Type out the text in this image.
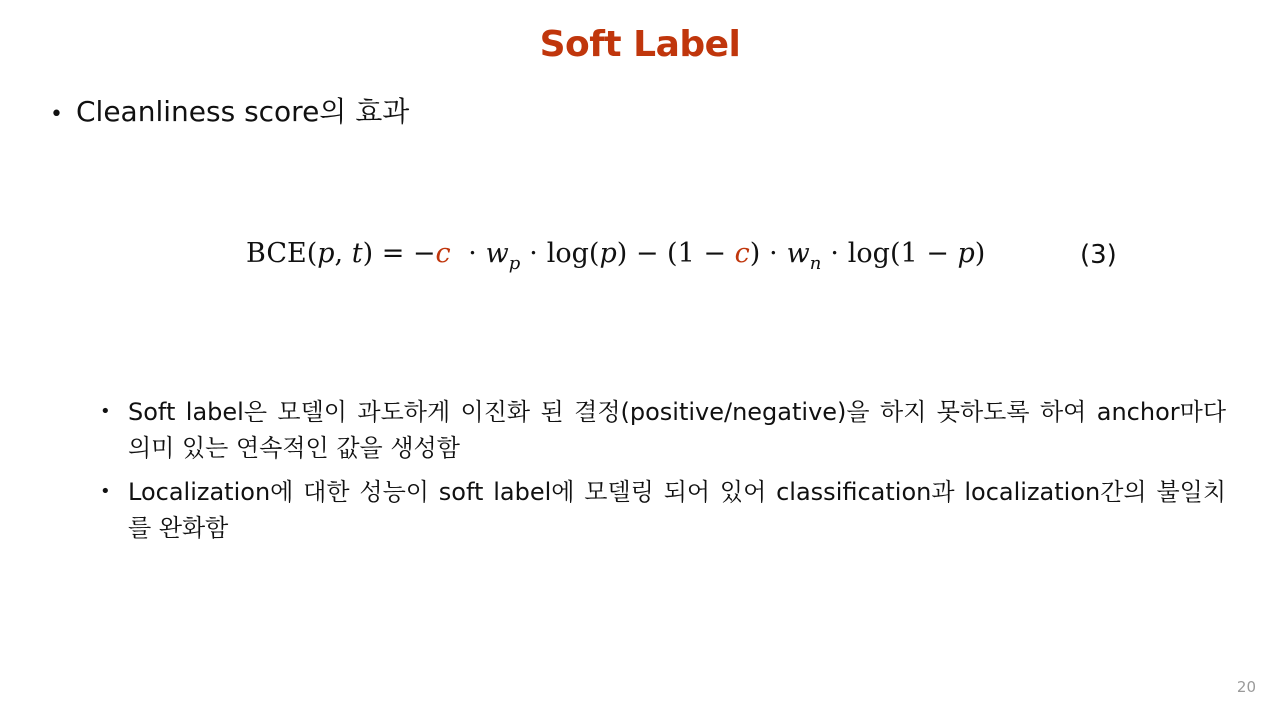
Soft Label
• Cleanliness score의 효과
BCE(p, $t) = -c \cdot w_p \cdot \log(p) - (1 - c) \cdot w_n \cdot \log(1 - p)$	(3)
• Soft label은 모델이 과도하게 이진화 된 결정(positive/negative)을 하지 못하도록 하여 anchor마다 의미 있는 연속적인 값을 생성함
• Localization에 대한 성능이 soft label에 모델링 되어 있어 classification과 localization간의 불일치를 완화함
20
